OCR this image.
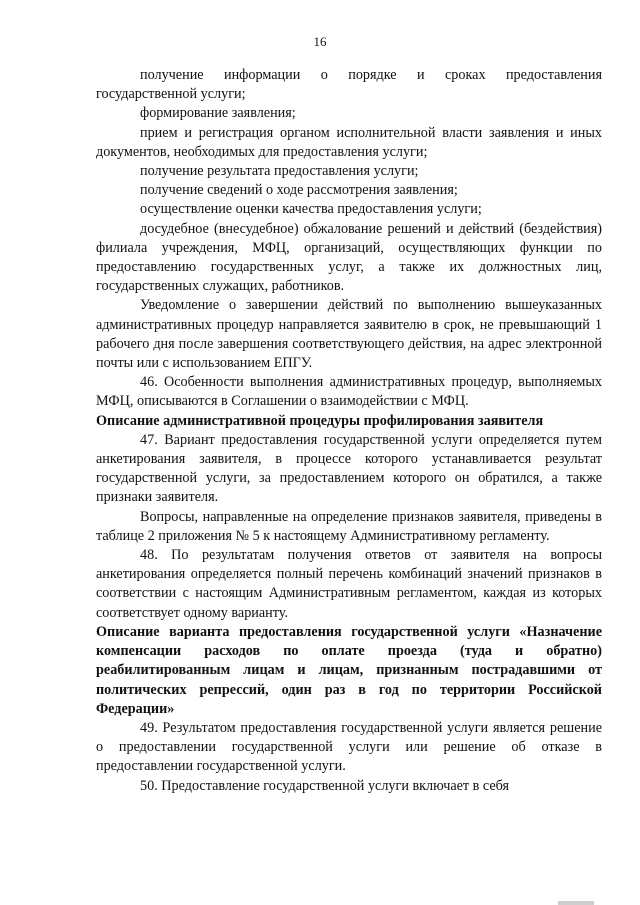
16

получение информации о порядке и сроках предоставления государственной услуги;

формирование заявления;

прием и регистрация органом исполнительной власти заявления и иных документов, необходимых для предоставления услуги;

получение результата предоставления услуги;

получение сведений о ходе рассмотрения заявления;

осуществление оценки качества предоставления услуги;

досудебное (внесудебное) обжалование решений и действий (бездействия) филиала учреждения, МФЦ, организаций, осуществляющих функции по предоставлению государственных услуг, а также их должностных лиц, государственных служащих, работников.

Уведомление о завершении действий по выполнению вышеуказанных административных процедур направляется заявителю в срок, не превышающий 1 рабочего дня после завершения соответствующего действия, на адрес электронной почты или с использованием ЕПГУ.

46. Особенности выполнения административных процедур, выполняемых МФЦ, описываются в Соглашении о взаимодействии с МФЦ.

Описание административной процедуры профилирования заявителя

47. Вариант предоставления государственной услуги определяется путем анкетирования заявителя, в процессе которого устанавливается результат государственной услуги, за предоставлением которого он обратился, а также признаки заявителя.

Вопросы, направленные на определение признаков заявителя, приведены в таблице 2 приложения № 5 к настоящему Административному регламенту.

48. По результатам получения ответов от заявителя на вопросы анкетирования определяется полный перечень комбинаций значений признаков в соответствии с настоящим Административным регламентом, каждая из которых соответствует одному варианту.

Описание варианта предоставления государственной услуги «Назначение компенсации расходов по оплате проезда (туда и обратно) реабилитированным лицам и лицам, признанным пострадавшими от политических репрессий, один раз в год по территории Российской Федерации»

49. Результатом предоставления государственной услуги является решение о предоставлении государственной услуги или решение об отказе в предоставлении государственной услуги.

50. Предоставление государственной услуги включает в себя
